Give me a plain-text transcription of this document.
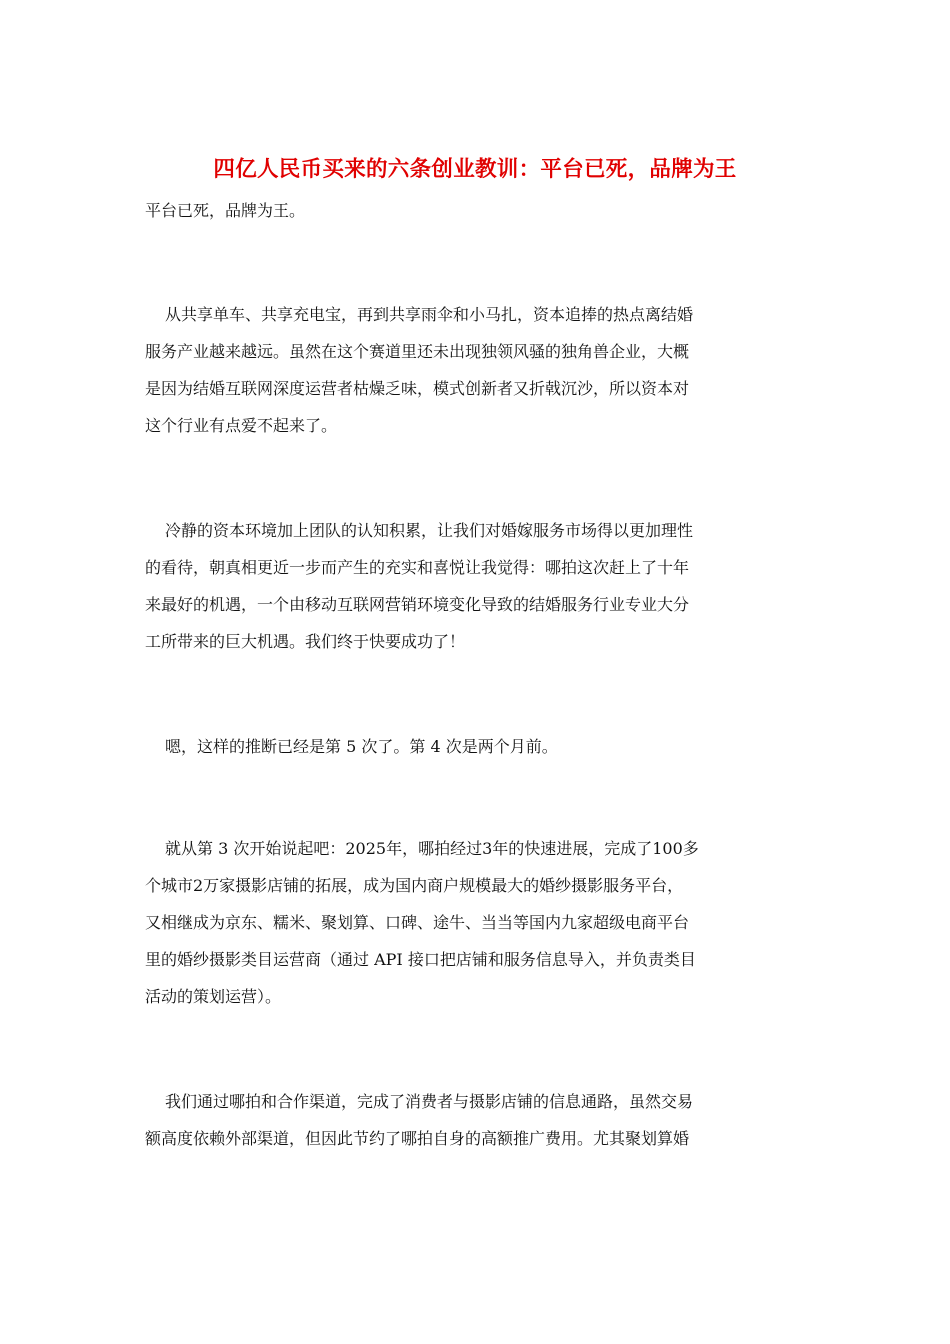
四亿人民币买来的六条创业教训：平台已死，品牌为王
平台已死，品牌为王。
从共享单车、共享充电宝，再到共享雨伞和小马扎，资本追捧的热点离结婚
服务产业越来越远。虽然在这个赛道里还未出现独领风骚的独角兽企业，大概
是因为结婚互联网深度运营者枯燥乏味，模式创新者又折戟沉沙，所以资本对
这个行业有点爱不起来了。
冷静的资本环境加上团队的认知积累，让我们对婚嫁服务市场得以更加理性
的看待，朝真相更近一步而产生的充实和喜悦让我觉得：哪拍这次赶上了十年
来最好的机遇，一个由移动互联网营销环境变化导致的结婚服务行业专业大分
工所带来的巨大机遇。我们终于快要成功了！
嗯，这样的推断已经是第 5 次了。第 4 次是两个月前。
就从第 3 次开始说起吧：2025年，哪拍经过3年的快速进展，完成了100多
个城市2万家摄影店铺的拓展，成为国内商户规模最大的婚纱摄影服务平台，
又相继成为京东、糯米、聚划算、口碑、途牛、当当等国内九家超级电商平台
里的婚纱摄影类目运营商（通过 API 接口把店铺和服务信息导入，并负责类目
活动的策划运营）。
我们通过哪拍和合作渠道，完成了消费者与摄影店铺的信息通路，虽然交易
额高度依赖外部渠道，但因此节约了哪拍自身的高额推广费用。尤其聚划算婚
